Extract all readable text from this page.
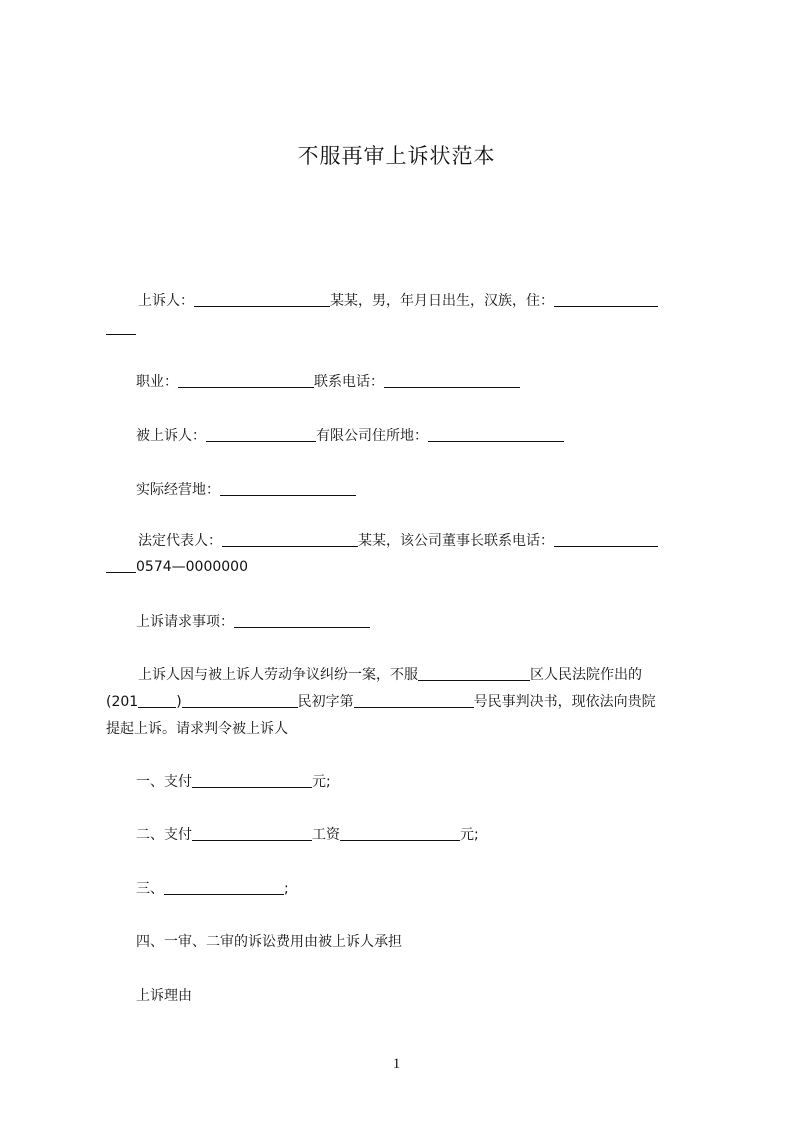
不服再审上诉状范本
上诉人：	某某，男，年月日出生，汉族，住：
职业：	联系电话：
被上诉人：	有限公司住所地：
实际经营地：
法定代表人：	某某，该公司董事长联系电话：
0574—0000000
上诉请求事项：
上诉人因与被上诉人劳动争议纠纷一案，不服	区人民法院作出的
(201	)	民初字第	号民事判决书，现依法向贵院
提起上诉。请求判令被上诉人
一、支付	元;
二、支付	工资	元;
三、	;
四、一审、二审的诉讼费用由被上诉人承担
上诉理由
1
